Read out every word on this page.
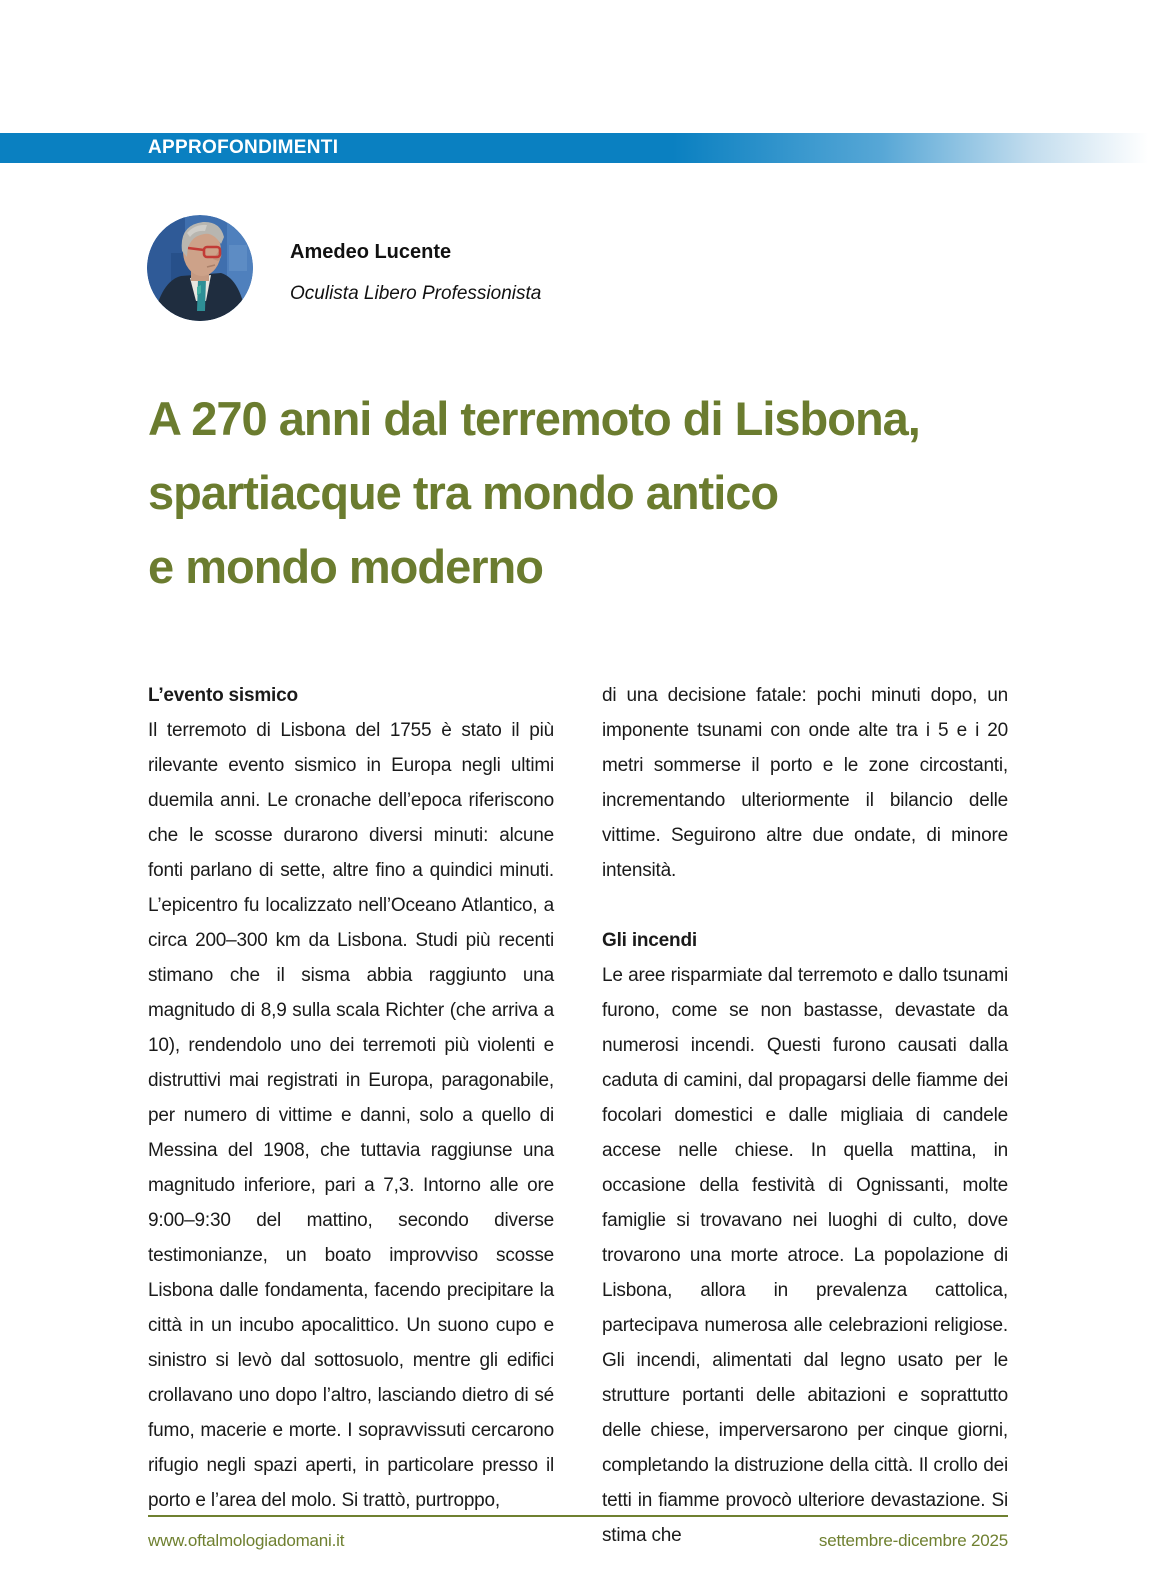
APPROFONDIMENTI
Amedeo Lucente
Oculista Libero Professionista
A 270 anni dal terremoto di Lisbona,
spartiacque tra mondo antico
e mondo moderno
L’evento sismico

Il terremoto di Lisbona del 1755 è stato il più rilevante evento sismico in Europa negli ultimi duemila anni. Le cronache dell’epoca riferiscono che le scosse durarono diversi minuti: alcune fonti parlano di sette, altre fino a quindici minuti. L’epicentro fu localizzato nell’Oceano Atlantico, a circa 200–300 km da Lisbona. Studi più recenti stimano che il sisma abbia raggiunto una magnitudo di 8,9 sulla scala Richter (che arriva a 10), rendendolo uno dei terremoti più violenti e distruttivi mai registrati in Europa, paragonabile, per numero di vittime e danni, solo a quello di Messina del 1908, che tuttavia raggiunse una magnitudo inferiore, pari a 7,3. Intorno alle ore 9:00–9:30 del mattino, secondo diverse testimonianze, un boato improvviso scosse Lisbona dalle fondamenta, facendo precipitare la città in un incubo apocalittico. Un suono cupo e sinistro si levò dal sottosuolo, mentre gli edifici crollavano uno dopo l’altro, lasciando dietro di sé fumo, macerie e morte. I sopravvissuti cercarono rifugio negli spazi aperti, in particolare presso il porto e l’area del molo. Si trattò, purtroppo,

di una decisione fatale: pochi minuti dopo, un imponente tsunami con onde alte tra i 5 e i 20 metri sommerse il porto e le zone circostanti, incrementando ulteriormente il bilancio delle vittime. Seguirono altre due ondate, di minore intensità.

Gli incendi

Le aree risparmiate dal terremoto e dallo tsunami furono, come se non bastasse, devastate da numerosi incendi. Questi furono causati dalla caduta di camini, dal propagarsi delle fiamme dei focolari domestici e dalle migliaia di candele accese nelle chiese. In quella mattina, in occasione della festività di Ognissanti, molte famiglie si trovavano nei luoghi di culto, dove trovarono una morte atroce. La popolazione di Lisbona, allora in prevalenza cattolica, partecipava numerosa alle celebrazioni religiose. Gli incendi, alimentati dal legno usato per le strutture portanti delle abitazioni e soprattutto delle chiese, imperversarono per cinque giorni, completando la distruzione della città. Il crollo dei tetti in fiamme provocò ulteriore devastazione. Si stima che

www.oftalmologiadomani.it	settembre-dicembre 2025
